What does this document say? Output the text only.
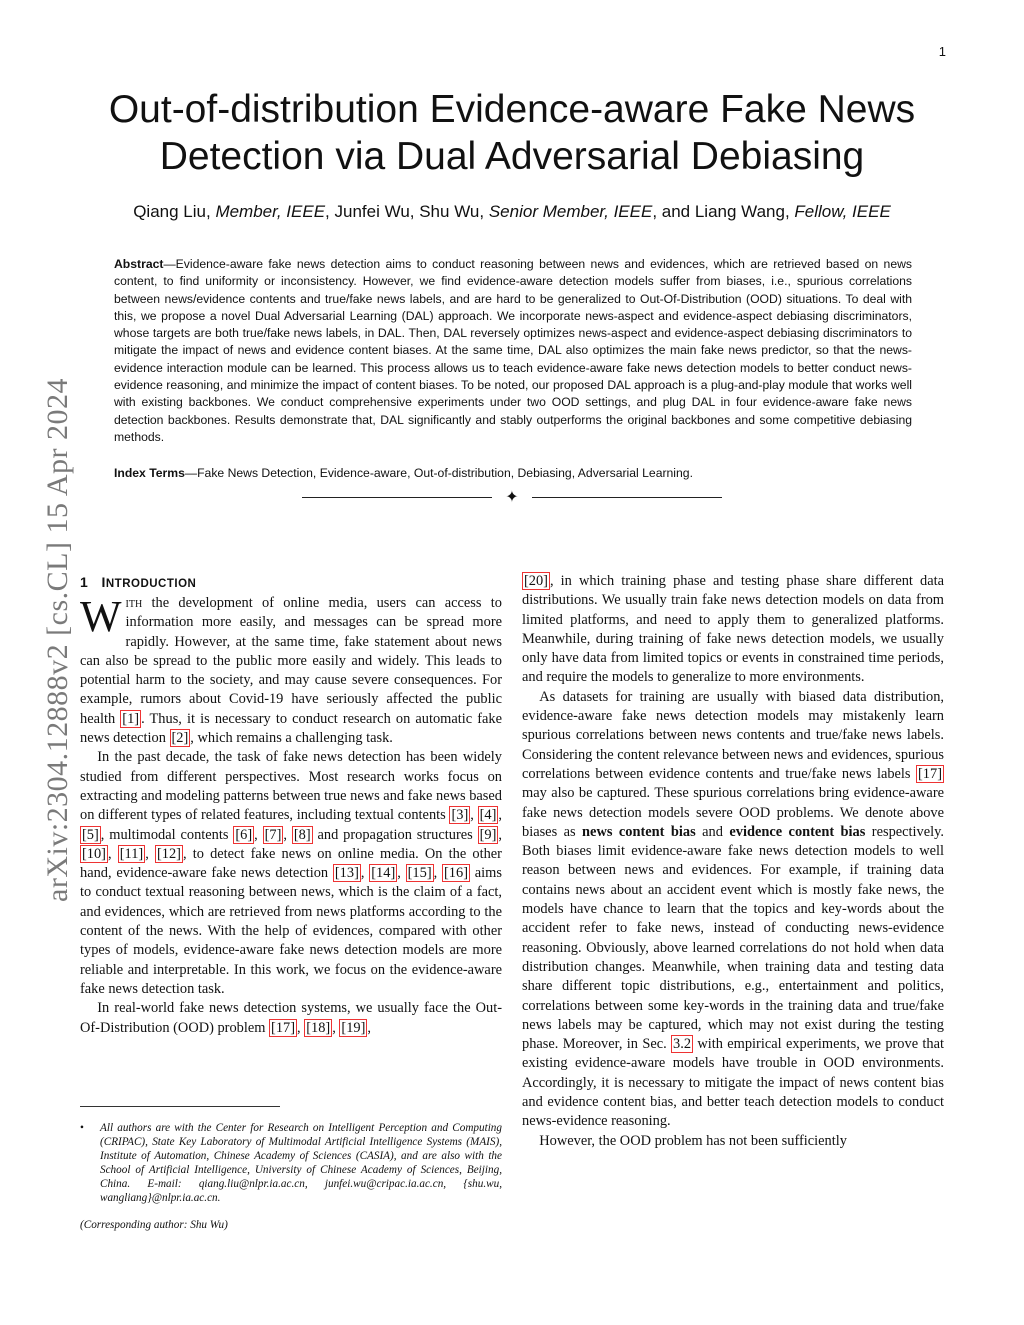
1
arXiv:2304.12888v2 [cs.CL] 15 Apr 2024
Out-of-distribution Evidence-aware Fake News
Detection via Dual Adversarial Debiasing
Qiang Liu, Member, IEEE, Junfei Wu, Shu Wu, Senior Member, IEEE, and Liang Wang, Fellow, IEEE
Abstract—Evidence-aware fake news detection aims to conduct reasoning between news and evidences, which are retrieved based on news content, to find uniformity or inconsistency. However, we find evidence-aware detection models suffer from biases, i.e., spurious correlations between news/evidence contents and true/fake news labels, and are hard to be generalized to Out-Of-Distribution (OOD) situations. To deal with this, we propose a novel Dual Adversarial Learning (DAL) approach. We incorporate news-aspect and evidence-aspect debiasing discriminators, whose targets are both true/fake news labels, in DAL. Then, DAL reversely optimizes news-aspect and evidence-aspect debiasing discriminators to mitigate the impact of news and evidence content biases. At the same time, DAL also optimizes the main fake news predictor, so that the news-evidence interaction module can be learned. This process allows us to teach evidence-aware fake news detection models to better conduct news-evidence reasoning, and minimize the impact of content biases. To be noted, our proposed DAL approach is a plug-and-play module that works well with existing backbones. We conduct comprehensive experiments under two OOD settings, and plug DAL in four evidence-aware fake news detection backbones. Results demonstrate that, DAL significantly and stably outperforms the original backbones and some competitive debiasing methods.
Index Terms—Fake News Detection, Evidence-aware, Out-of-distribution, Debiasing, Adversarial Learning.
✦
1 INTRODUCTION

With the development of online media, users can access to information more easily, and messages can be spread more rapidly. However, at the same time, fake statement about news can also be spread to the public more easily and widely. This leads to potential harm to the society, and may cause severe consequences. For example, rumors about Covid-19 have seriously affected the public health [1] . Thus, it is necessary to conduct research on automatic fake news detection [2] , which remains a challenging task.

In the past decade, the task of fake news detection has been widely studied from different perspectives. Most research works focus on extracting and modeling patterns between true news and fake news based on different types of related features, including textual contents [3] , [4] , [5] , multimodal contents [6] , [7] , [8] and propagation structures [9] , [10] , [11] , [12] , to detect fake news on online media. On the other hand, evidence-aware fake news detection [13] , [14] , [15] , [16] aims to conduct textual reasoning between news, which is the claim of a fact, and evidences, which are retrieved from news platforms according to the content of the news. With the help of evidences, compared with other types of models, evidence-aware fake news detection models are more reliable and interpretable. In this work, we focus on the evidence-aware fake news detection task.

In real-world fake news detection systems, we usually face the Out-Of-Distribution (OOD) problem [17] , [18] , [19] ,

• All authors are with the Center for Research on Intelligent Perception and Computing (CRIPAC), State Key Laboratory of Multimodal Artificial Intelligence Systems (MAIS), Institute of Automation, Chinese Academy of Sciences (CASIA), and are also with the School of Artificial Intelligence, University of Chinese Academy of Sciences, Beijing, China. E-mail: qiang.liu@nlpr.ia.ac.cn, junfei.wu@cripac.ia.ac.cn, {shu.wu, wangliang}@nlpr.ia.ac.cn.
(Corresponding author: Shu Wu)

[20] , in which training phase and testing phase share different data distributions. We usually train fake news detection models on data from limited platforms, and need to apply them to generalized platforms. Meanwhile, during training of fake news detection models, we usually only have data from limited topics or events in constrained time periods, and require the models to generalize to more environments.

As datasets for training are usually with biased data distribution, evidence-aware fake news detection models may mistakenly learn spurious correlations between news contents and true/fake news labels. Considering the content relevance between news and evidences, spurious correlations between evidence contents and true/fake news labels [17] may also be captured. These spurious correlations bring evidence-aware fake news detection models severe OOD problems. We denote above biases as news content bias and evidence content bias respectively. Both biases limit evidence-aware fake news detection models to well reason between news and evidences. For example, if training data contains news about an accident event which is mostly fake news, the models have chance to learn that the topics and key-words about the accident refer to fake news, instead of conducting news-evidence reasoning. Obviously, above learned correlations do not hold when data distribution changes. Meanwhile, when training data and testing data share different topic distributions, e.g., entertainment and politics, correlations between some key-words in the training data and true/fake news labels may be captured, which may not exist during the testing phase. Moreover, in Sec. 3.2 with empirical experiments, we prove that existing evidence-aware models have trouble in OOD environments. Accordingly, it is necessary to mitigate the impact of news content bias and evidence content bias, and better teach detection models to conduct news-evidence reasoning.

However, the OOD problem has not been sufficiently
